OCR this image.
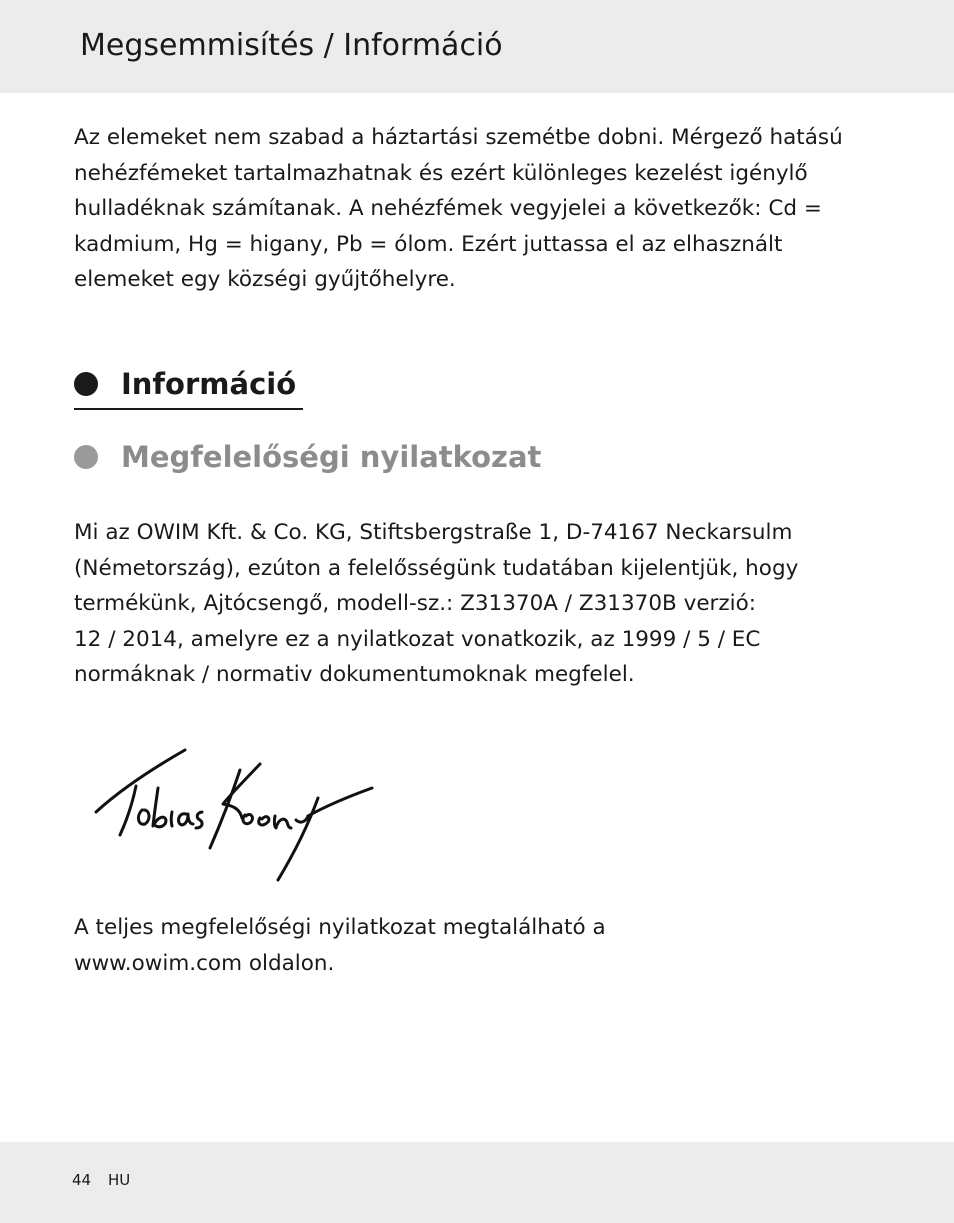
Megsemmisítés / Információ

Az elemeket nem szabad a háztartási szemétbe dobni. Mérgező hatású
nehézfémeket tartalmazhatnak és ezért különleges kezelést igénylő
hulladéknak számítanak. A nehézfémek vegyjelei a következők: Cd =
kadmium, Hg = higany, Pb = ólom. Ezért juttassa el az elhasznált
elemeket egy községi gyűjtőhelyre.

Információ
Megfelelőségi nyilatkozat

Mi az OWIM Kft. & Co. KG, Stiftsbergstraße 1, D-74167 Neckarsulm
(Németország), ezúton a felelősségünk tudatában kijelentjük, hogy
termékünk, Ajtócsengő, modell-sz.: Z31370A / Z31370B verzió:
12 / 2014, amelyre ez a nyilatkozat vonatkozik, az 1999 / 5 / EC
normáknak / normativ dokumentumoknak megfelel.

A teljes megfelelőségi nyilatkozat megtalálható a
www.owim.com oldalon.

44 HU
